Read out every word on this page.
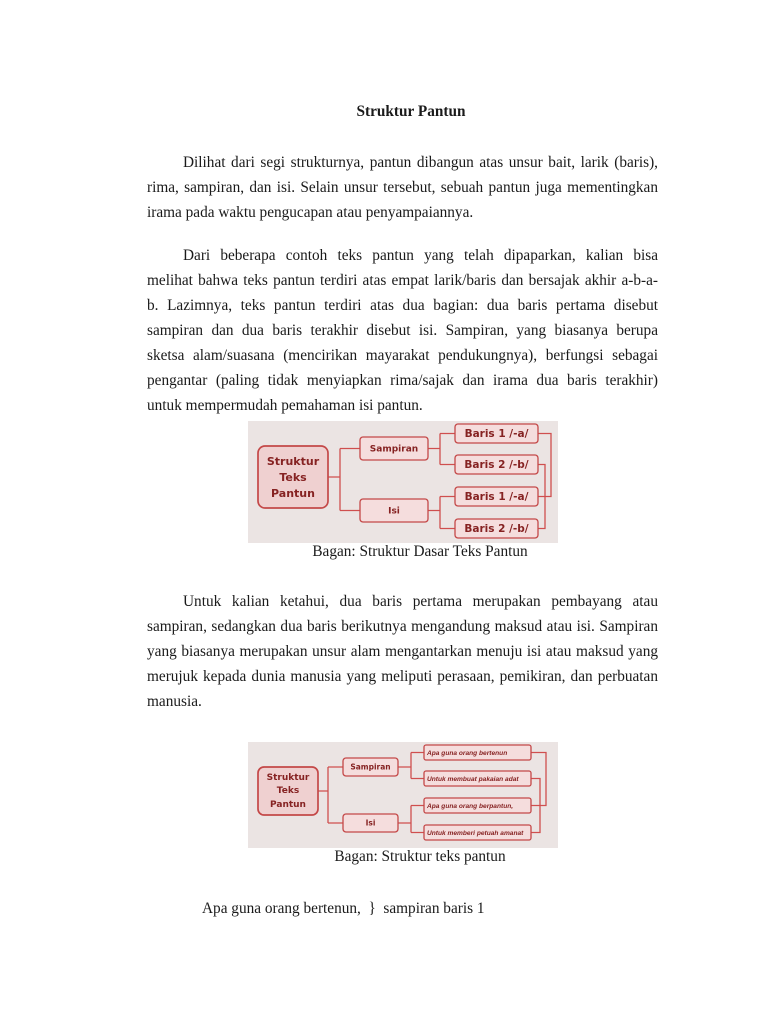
Struktur Pantun
Dilihat dari segi strukturnya, pantun dibangun atas unsur bait, larik (baris),
rima, sampiran, dan isi. Selain unsur tersebut, sebuah pantun juga mementingkan
irama pada waktu pengucapan atau penyampaiannya.
Dari beberapa contoh teks pantun yang telah dipaparkan, kalian bisa
melihat bahwa teks pantun terdiri atas empat larik/baris dan bersajak akhir a-b-a-
b. Lazimnya, teks pantun terdiri atas dua bagian: dua baris pertama disebut
sampiran dan dua baris terakhir disebut isi. Sampiran, yang biasanya berupa
sketsa alam/suasana (mencirikan mayarakat pendukungnya), berfungsi sebagai
pengantar (paling tidak menyiapkan rima/sajak dan irama dua baris terakhir)
untuk mempermudah pemahaman isi pantun.
Struktur
Teks
Pantun
Sampiran
Isi
Baris 1 /-a/
Baris 2 /-b/
Baris 1 /-a/
Baris 2 /-b/
Bagan: Struktur Dasar Teks Pantun
Untuk kalian ketahui, dua baris pertama merupakan pembayang atau
sampiran, sedangkan dua baris berikutnya mengandung maksud atau isi. Sampiran
yang biasanya merupakan unsur alam mengantarkan menuju isi atau maksud yang
merujuk kepada dunia manusia yang meliputi perasaan, pemikiran, dan perbuatan
manusia.
Struktur
Teks
Pantun
Sampiran
Isi
Apa guna orang bertenun
Untuk membuat pakaian adat
Apa guna orang berpantun,
Untuk memberi petuah amanat
Bagan: Struktur teks pantun
Apa guna orang bertenun, } sampiran baris 1
